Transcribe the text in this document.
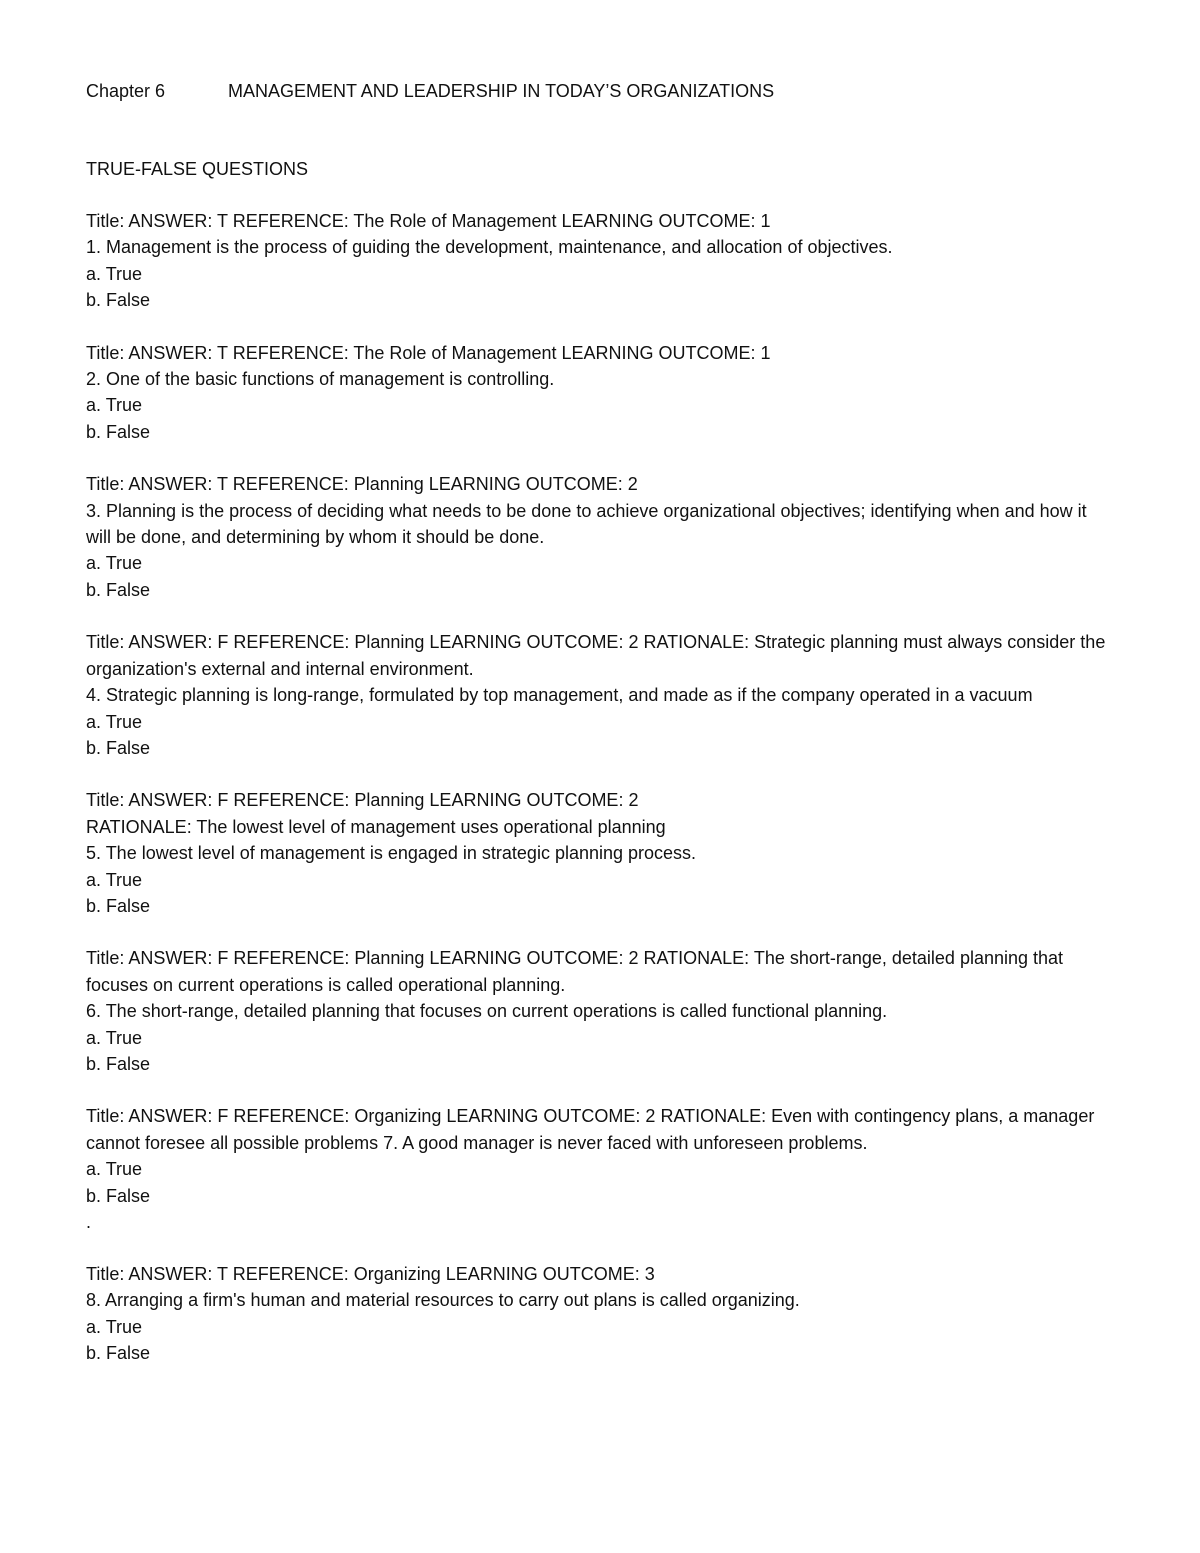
Chapter 6	MANAGEMENT AND LEADERSHIP IN TODAY’S ORGANIZATIONS

TRUE-FALSE QUESTIONS

Title: ANSWER: T REFERENCE: The Role of Management LEARNING OUTCOME: 1

1. Management is the process of guiding the development, maintenance, and allocation of objectives.

a. True

b. False

Title: ANSWER: T REFERENCE: The Role of Management LEARNING OUTCOME: 1

2. One of the basic functions of management is controlling.

a. True

b. False

Title: ANSWER: T REFERENCE: Planning LEARNING OUTCOME: 2

3. Planning is the process of deciding what needs to be done to achieve organizational objectives; identifying when and how it will be done, and determining by whom it should be done.

a. True

b. False

Title: ANSWER: F REFERENCE: Planning LEARNING OUTCOME: 2 RATIONALE: Strategic planning must always consider the organization's external and internal environment.

4. Strategic planning is long-range, formulated by top management, and made as if the company operated in a vacuum

a. True

b. False

Title: ANSWER: F REFERENCE: Planning LEARNING OUTCOME: 2

RATIONALE: The lowest level of management uses operational planning

5. The lowest level of management is engaged in strategic planning process.

a. True

b. False

Title: ANSWER: F REFERENCE: Planning LEARNING OUTCOME: 2 RATIONALE: The short-range, detailed planning that focuses on current operations is called operational planning.

6. The short-range, detailed planning that focuses on current operations is called functional planning.

a. True

b. False

Title: ANSWER: F REFERENCE: Organizing LEARNING OUTCOME: 2 RATIONALE: Even with contingency plans, a manager cannot foresee all possible problems 7. A good manager is never faced with unforeseen problems.

a. True

b. False

.

Title: ANSWER: T REFERENCE: Organizing LEARNING OUTCOME: 3

8. Arranging a firm's human and material resources to carry out plans is called organizing.

a. True

b. False
